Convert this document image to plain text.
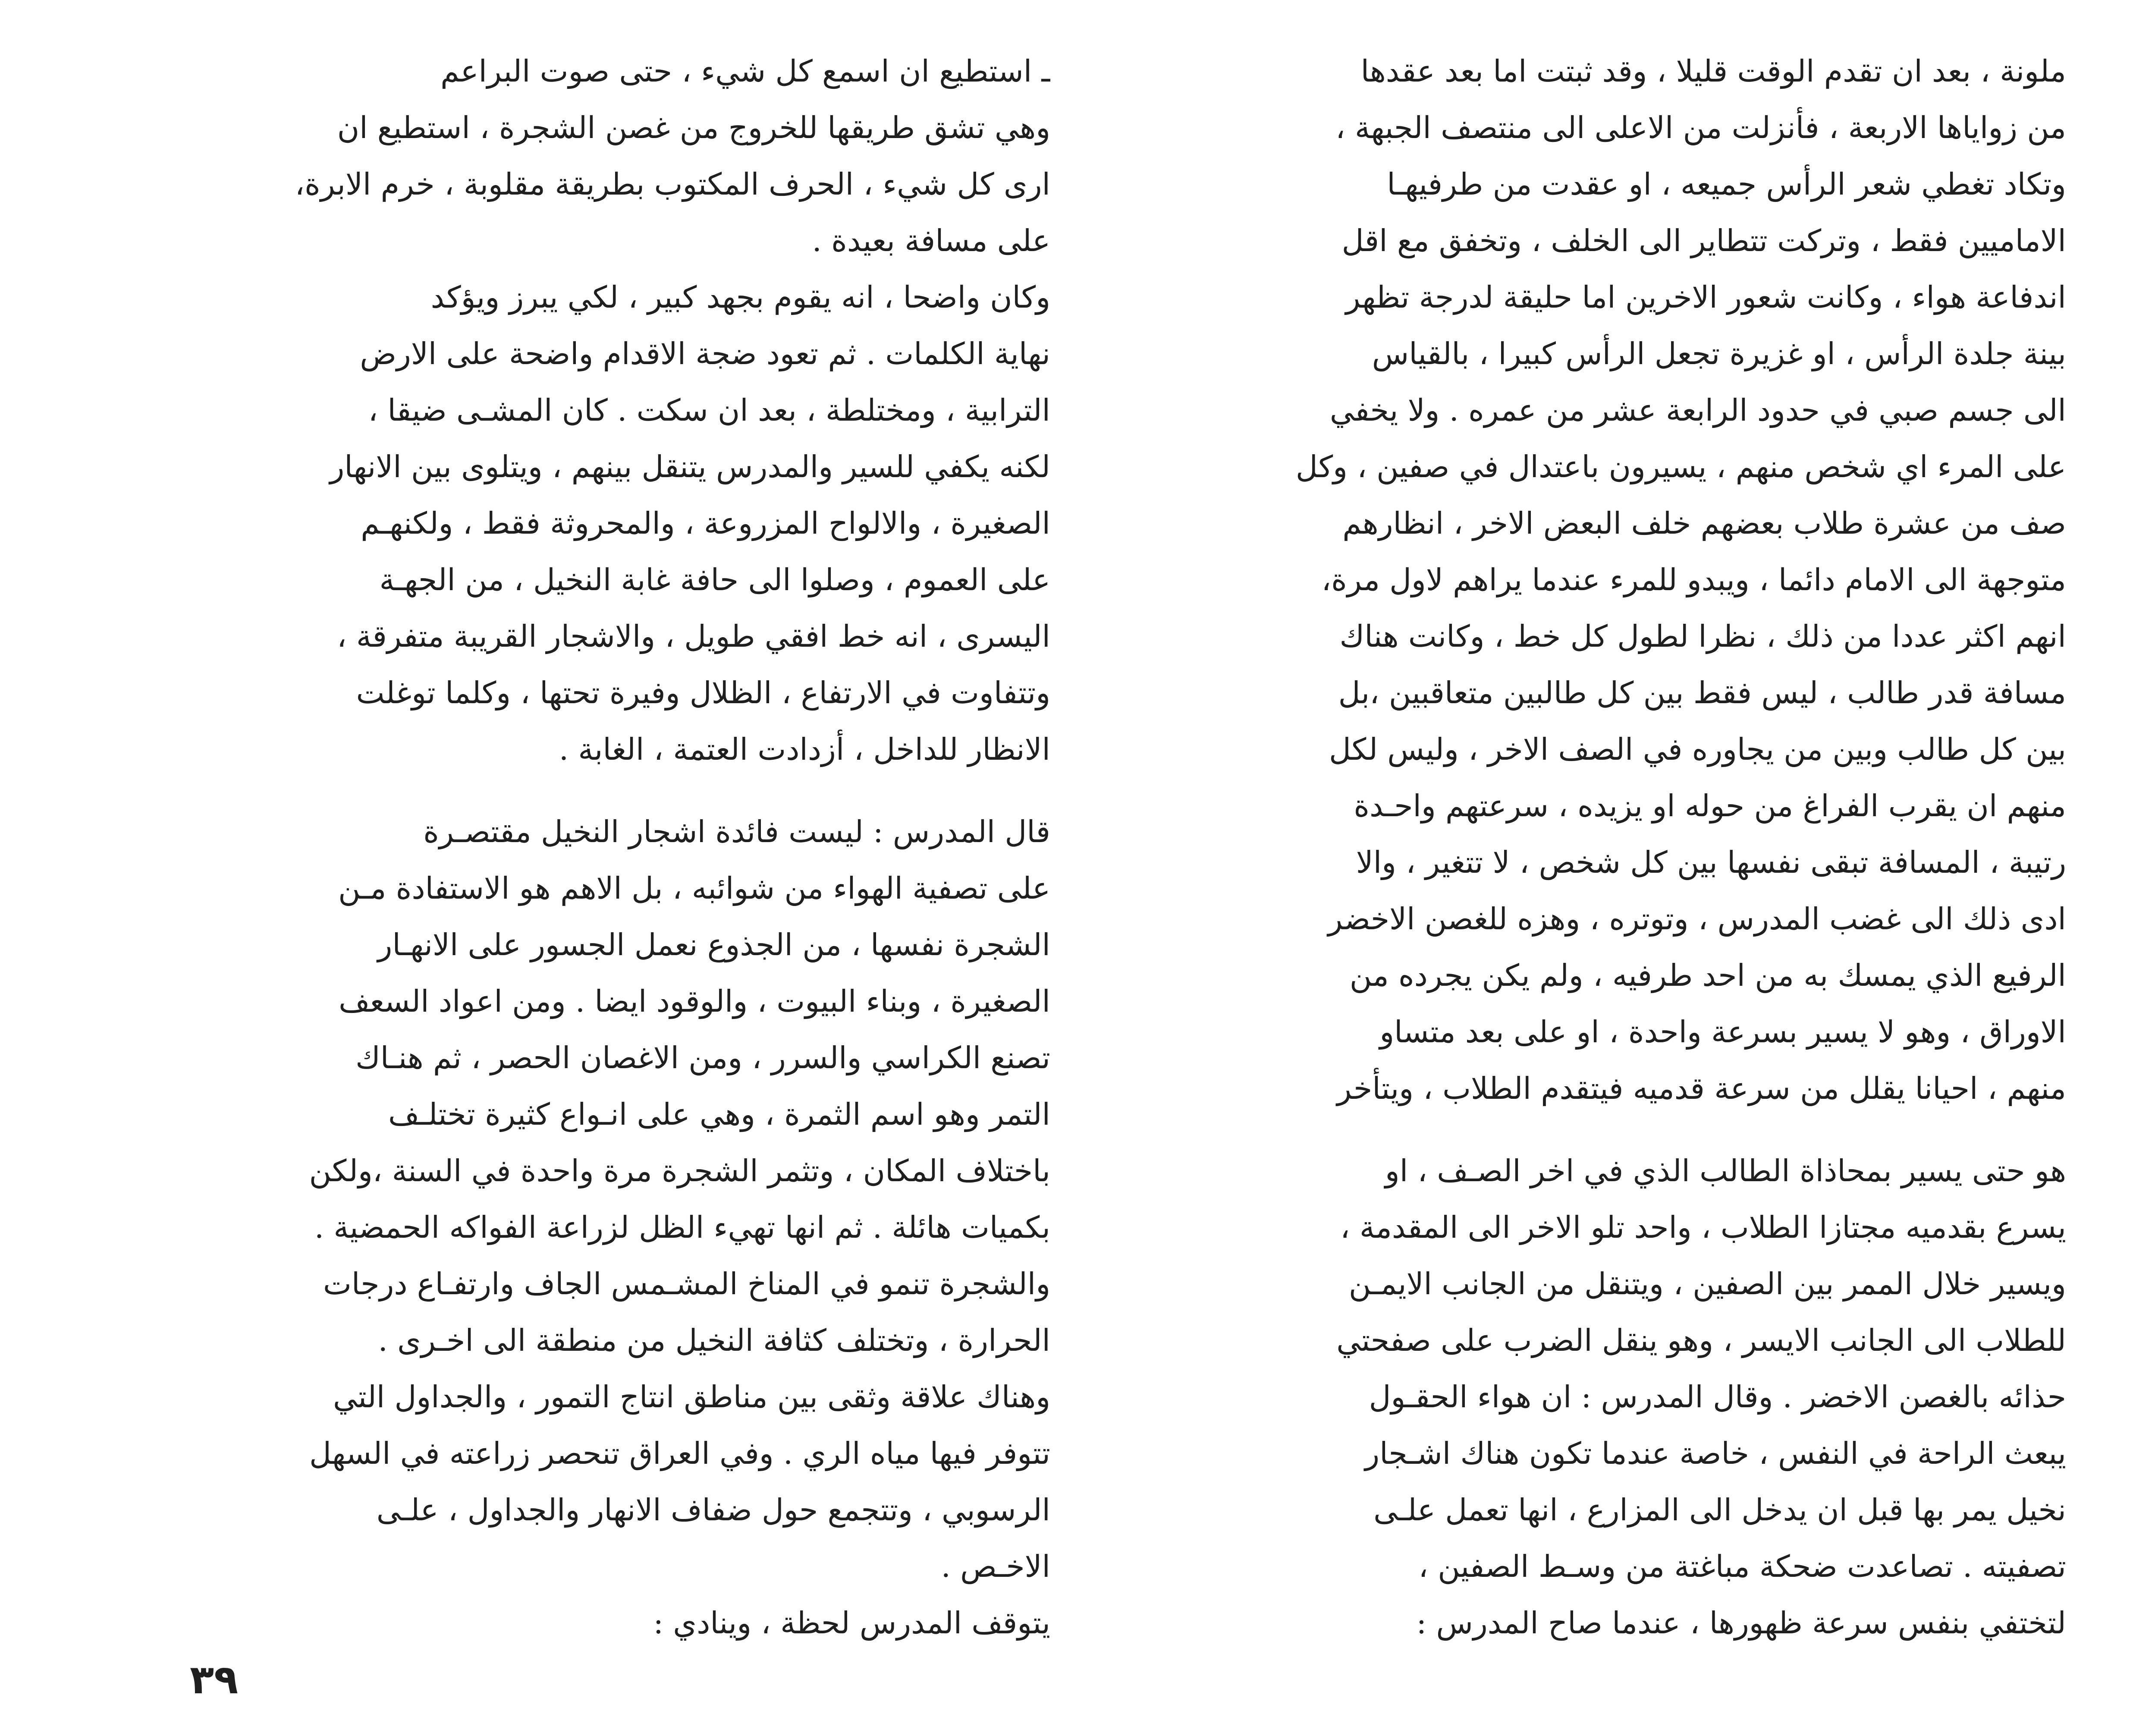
ملونة ، بعد ان تقدم الوقت قليلا ، وقد ثبتت اما بعد عقدها
من زواياها الاربعة ، فأنزلت من الاعلى الى منتصف الجبهة ،
وتكاد تغطي شعر الرأس جميعه ، او عقدت من طرفيهـا
الاماميين فقط ، وتركت تتطاير الى الخلف ، وتخفق مع اقل
اندفاعة هواء ، وكانت شعور الاخرين اما حليقة لدرجة تظهر
بينة جلدة الرأس ، او غزيرة تجعل الرأس كبيرا ، بالقياس
الى جسم صبي في حدود الرابعة عشر من عمره . ولا يخفي
على المرء اي شخص منهم ، يسيرون باعتدال في صفين ، وكل
صف من عشرة طلاب بعضهم خلف البعض الاخر ، انظارهم
متوجهة الى الامام دائما ، ويبدو للمرء عندما يراهم لاول مرة،
انهم اكثر عددا من ذلك ، نظرا لطول كل خط ، وكانت هناك
مسافة قدر طالب ، ليس فقط بين كل طالبين متعاقبين ،بل
بين كل طالب وبين من يجاوره في الصف الاخر ، وليس لكل
منهم ان يقرب الفراغ من حوله او يزيده ، سرعتهم واحـدة
رتيبة ، المسافة تبقى نفسها بين كل شخص ، لا تتغير ، والا
ادى ذلك الى غضب المدرس ، وتوتره ، وهزه للغصن الاخضر
الرفيع الذي يمسك به من احد طرفيه ، ولم يكن يجرده من
الاوراق ، وهو لا يسير بسرعة واحدة ، او على بعد متساو
منهم ، احيانا يقلل من سرعة قدميه فيتقدم الطلاب ، ويتأخر
هو حتى يسير بمحاذاة الطالب الذي في اخر الصـف ، او
يسرع بقدميه مجتازا الطلاب ، واحد تلو الاخر الى المقدمة ،
ويسير خلال الممر بين الصفين ، ويتنقل من الجانب الايمـن
للطلاب الى الجانب الايسر ، وهو ينقل الضرب على صفحتي
حذائه بالغصن الاخضر . وقال المدرس : ان هواء الحقـول
يبعث الراحة في النفس ، خاصة عندما تكون هناك اشـجار
نخيل يمر بها قبل ان يدخل الى المزارع ، انها تعمل علـى
تصفيته . تصاعدت ضحكة مباغتة من وسـط الصفين ،
لتختفي بنفس سرعة ظهورها ، عندما صاح المدرس :
ـ استطيع ان اسمع كل شيء ، حتى صوت البراعم
وهي تشق طريقها للخروج من غصن الشجرة ، استطيع ان
ارى كل شيء ، الحرف المكتوب بطريقة مقلوبة ، خرم الابرة،
على مسافة بعيدة .
وكان واضحا ، انه يقوم بجهد كبير ، لكي يبرز ويؤكد
نهاية الكلمات . ثم تعود ضجة الاقدام واضحة على الارض
الترابية ، ومختلطة ، بعد ان سكت . كان المشـى ضيقا ،
لكنه يكفي للسير والمدرس يتنقل بينهم ، ويتلوى بين الانهار
الصغيرة ، والالواح المزروعة ، والمحروثة فقط ، ولكنهـم
على العموم ، وصلوا الى حافة غابة النخيل ، من الجهـة
اليسرى ، انه خط افقي طويل ، والاشجار القريبة متفرقة ،
وتتفاوت في الارتفاع ، الظلال وفيرة تحتها ، وكلما توغلت
الانظار للداخل ، أزدادت العتمة ، الغابة .
قال المدرس : ليست فائدة اشجار النخيل مقتصـرة
على تصفية الهواء من شوائبه ، بل الاهم هو الاستفادة مـن
الشجرة نفسها ، من الجذوع نعمل الجسور على الانهـار
الصغيرة ، وبناء البيوت ، والوقود ايضا . ومن اعواد السعف
تصنع الكراسي والسرر ، ومن الاغصان الحصر ، ثم هنـاك
التمر وهو اسم الثمرة ، وهي على انـواع كثيرة تختلـف
باختلاف المكان ، وتثمر الشجرة مرة واحدة في السنة ،ولكن
بكميات هائلة . ثم انها تهيء الظل لزراعة الفواكه الحمضية .
والشجرة تنمو في المناخ المشـمس الجاف وارتفـاع درجات
الحرارة ، وتختلف كثافة النخيل من منطقة الى اخـرى .
وهناك علاقة وثقى بين مناطق انتاج التمور ، والجداول التي
تتوفر فيها مياه الري . وفي العراق تنحصر زراعته في السهل
الرسوبي ، وتتجمع حول ضفاف الانهار والجداول ، علـى
الاخـص .
يتوقف المدرس لحظة ، وينادي :
٣٩
